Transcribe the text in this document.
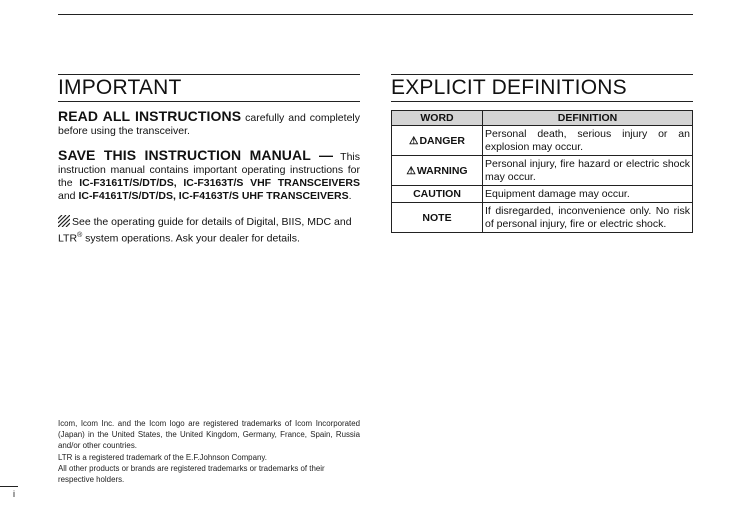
IMPORTANT

READ ALL INSTRUCTIONS carefully and completely before using the transceiver.

SAVE THIS INSTRUCTION MANUAL — This instruction manual contains important operating instructions for the IC-F3161T/S/DT/DS, IC-F3163T/S VHF TRANSCEIVERS and IC-F4161T/S/DT/DS, IC-F4163T/S UHF TRANSCEIVERS.

See the operating guide for details of Digital, BIIS, MDC and LTR® system operations. Ask your dealer for details.

EXPLICIT DEFINITIONS
WORD	DEFINITION
⚠DANGER	Personal death, serious injury or an explosion may occur.
⚠WARNING	Personal injury, fire hazard or electric shock may occur.
CAUTION	Equipment damage may occur.
NOTE	If disregarded, inconvenience only. No risk of personal injury, fire or electric shock.

Icom, Icom Inc. and the Icom logo are registered trademarks of Icom Incorporated (Japan) in the United States, the United Kingdom, Germany, France, Spain, Russia and/or other countries.

LTR is a registered trademark of the E.F.Johnson Company.

All other products or brands are registered trademarks or trademarks of their respective holders.

i
